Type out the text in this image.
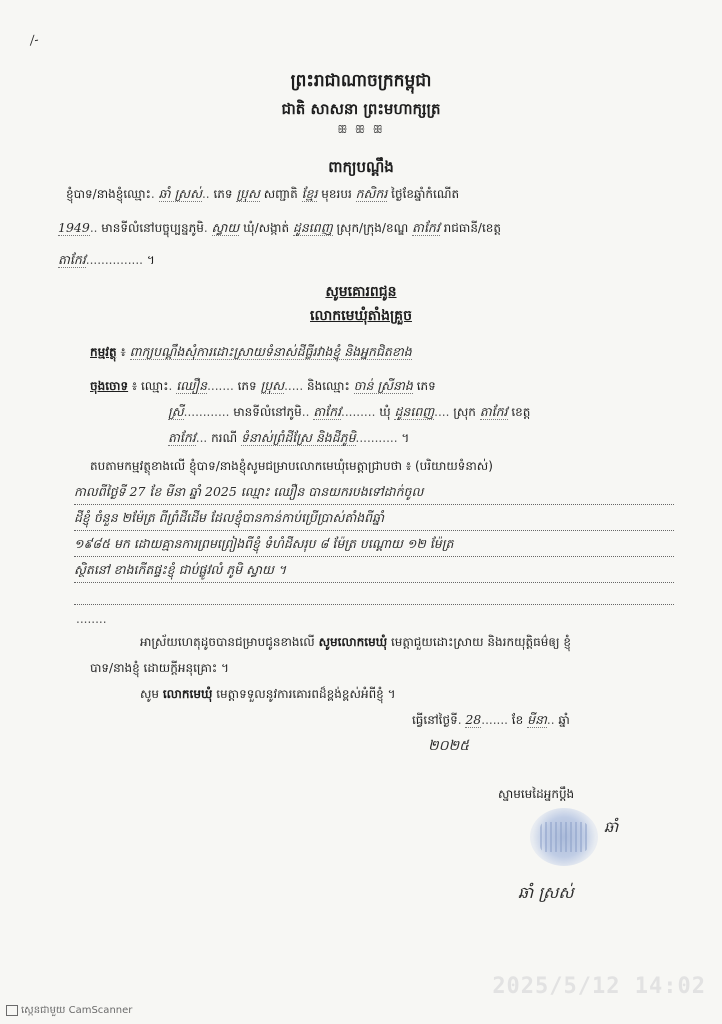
/-
ព្រះរាជាណាចក្រកម្ពុជា
ជាតិ សាសនា ព្រះមហាក្សត្រ
ꕥ ꕥ ꕥ
ពាក្យបណ្តឹង
ខ្ញុំបាទ/នាងខ្ញុំឈ្មោះ. ឆាំ ស្រស់.. ភេទ ប្រុស សញ្ជាតិ ខ្មែរ មុខរបរ កសិករ ថ្ងៃខែឆ្នាំកំណើត
1949.. មានទីលំនៅបច្ចុប្បន្នភូមិ. ស្វាយ ឃុំ/សង្កាត់ ដូនពេញ ស្រុក/ក្រុង/ខណ្ឌ តាកែវ រាជធានី/ខេត្ត
តាកែវ............... ។
សូមគោរពជូន
លោកមេឃុំតាំងគ្រួច
កម្មវត្ថុ ៖ ពាក្យបណ្តឹងសុំការដោះស្រាយទំនាស់ដីធ្លីរវាងខ្ញុំ និងអ្នកជិតខាង
ចុងចោទ ៖ ឈ្មោះ. ឈឿន....... ភេទ ប្រុស..... និងឈ្មោះ ចាន់ ស្រីនាង ភេទ
ស្រី............ មានទីលំនៅភូមិ.. តាកែវ......... ឃុំ ដូនពេញ.... ស្រុក តាកែវ ខេត្ត
តាកែវ... ករណី ទំនាស់ព្រំដីស្រែ និងដីភូមិ........... ។
តបតាមកម្មវត្ថុខាងលើ ខ្ញុំបាទ/នាងខ្ញុំសូមជម្រាបលោកមេឃុំមេត្តាជ្រាបថា ៖ (បរិយាយទំនាស់)
កាលពីថ្ងៃទី 27 ខែ មីនា ឆ្នាំ 2025 ឈ្មោះ ឈឿន បានយករបងទៅដាក់ចូល
ដីខ្ញុំ ចំនួន ២ម៉ែត្រ ពីព្រំដីដើម ដែលខ្ញុំបានកាន់កាប់ប្រើប្រាស់តាំងពីឆ្នាំ
១៩៨៥ មក ដោយគ្មានការព្រមព្រៀងពីខ្ញុំ ទំហំដីសរុប ៨ ម៉ែត្រ បណ្តោយ ១២ ម៉ែត្រ
ស្ថិតនៅ ខាងកើតផ្ទះខ្ញុំ ជាប់ផ្លូវលំ ភូមិ ស្វាយ ។
........
អាស្រ័យហេតុដូចបានជម្រាបជូនខាងលើ សូមលោកមេឃុំ មេត្តាជួយដោះស្រាយ និងរកយុត្តិធម៌ឲ្យ ខ្ញុំ
បាទ/នាងខ្ញុំ ដោយក្តីអនុគ្រោះ ។
សូម លោកមេឃុំ មេត្តាទទួលនូវការគោរពដ៏ខ្ពង់ខ្ពស់អំពីខ្ញុំ ។
ធ្វើនៅថ្ងៃទី. 28....... ខែ មីនា.. ឆ្នាំ
២០២៥
ស្នាមមេដៃអ្នកប្តឹង
ឆាំ
ឆាំ ស្រស់
2025/5/12 14:02
ស្កេនជាមួយ CamScanner
